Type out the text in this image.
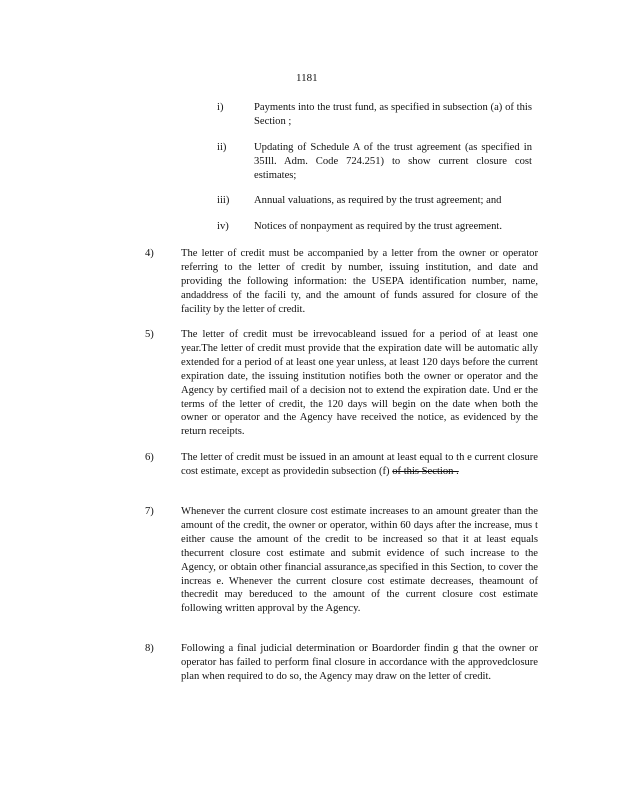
1181
i)	Payments into the trust fund, as specified in subsection (a) of this Section ;
ii)	Updating of Schedule A of the trust agreement (as specified in 35Ill. Adm. Code 724.251) to show current closure cost estimates;
iii) Annual valuations, as required by the trust agreement; and
iv) Notices of nonpayment as required by the trust agreement.
4)	The letter of credit must be accompanied by a letter from the owner or operator referring to the letter of credit by number, issuing institution, and date and providing the following information: the USEPA identification number, name, andaddress of the facili ty, and the amount of funds assured for closure of the facility by the letter of credit.
5)	The letter of credit must be irrevocableand issued for a period of at least one year.The letter of credit must provide that the expiration date will be automatic ally extended for a period of at least one year unless, at least 120 days before the current expiration date, the issuing institution notifies both the owner or operator and the Agency by certified mail of a decision not to extend the expiration date. Und er the terms of the letter of credit, the 120 days will begin on the date when both the owner or operator and the Agency have received the notice, as evidenced by the return receipts.
6)	The letter of credit must be issued in an amount at least equal to th e current closure cost estimate, except as providedin subsection (f) of this Section .
7)	Whenever the current closure cost estimate increases to an amount greater than the amount of the credit, the owner or operator, within 60 days after the increase, mus t either cause the amount of the credit to be increased so that it at least equals thecurrent closure cost estimate and submit evidence of such increase to the Agency, or obtain other financial assurance,as specified in this Section, to cover the increas e. Whenever the current closure cost estimate decreases, theamount of thecredit may bereduced to the amount of the current closure cost estimate following written approval by the Agency.
8)	Following a final judicial determination or Boardorder findin g that the owner or operator has failed to perform final closure in accordance with the approvedclosure plan when required to do so, the Agency may draw on the letter of credit.
